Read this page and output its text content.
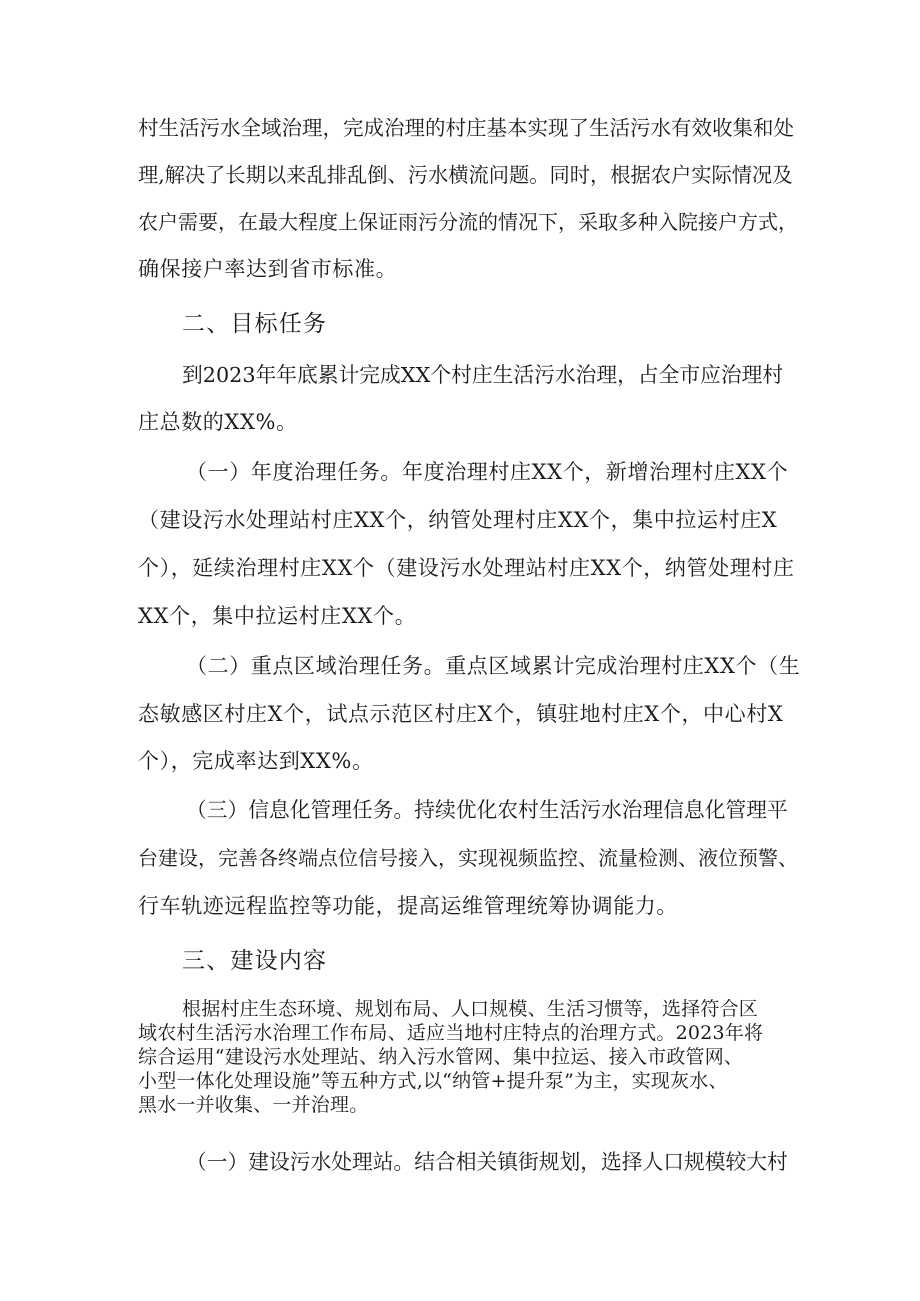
村生活污水全域治理，完成治理的村庄基本实现了生活污水有效收集和处
理,解决了长期以来乱排乱倒、污水横流问题。同时，根据农户实际情况及
农户需要，在最大程度上保证雨污分流的情况下，采取多种入院接户方式，
确保接户率达到省市标准。
二、目标任务
到2023年年底累计完成XX个村庄生活污水治理，占全市应治理村
庄总数的XX%。
（一）年度治理任务。年度治理村庄XX个，新增治理村庄XX个
（建设污水处理站村庄XX个，纳管处理村庄XX个，集中拉运村庄X
个），延续治理村庄XX个（建设污水处理站村庄XX个，纳管处理村庄
XX个，集中拉运村庄XX个。
（二）重点区域治理任务。重点区域累计完成治理村庄XX个（生
态敏感区村庄X个，试点示范区村庄X个，镇驻地村庄X个，中心村X
个），完成率达到XX%。
（三）信息化管理任务。持续优化农村生活污水治理信息化管理平
台建设，完善各终端点位信号接入，实现视频监控、流量检测、液位预警、
行车轨迹远程监控等功能，提高运维管理统筹协调能力。
三、建设内容
根据村庄生态环境、规划布局、人口规模、生活习惯等，选择符合区
域农村生活污水治理工作布局、适应当地村庄特点的治理方式。2023年将
综合运用“建设污水处理站、纳入污水管网、集中拉运、接入市政管网、
小型一体化处理设施”等五种方式,以“纳管+提升泵”为主，实现灰水、
黑水一并收集、一并治理。
（一）建设污水处理站。结合相关镇街规划，选择人口规模较大村
